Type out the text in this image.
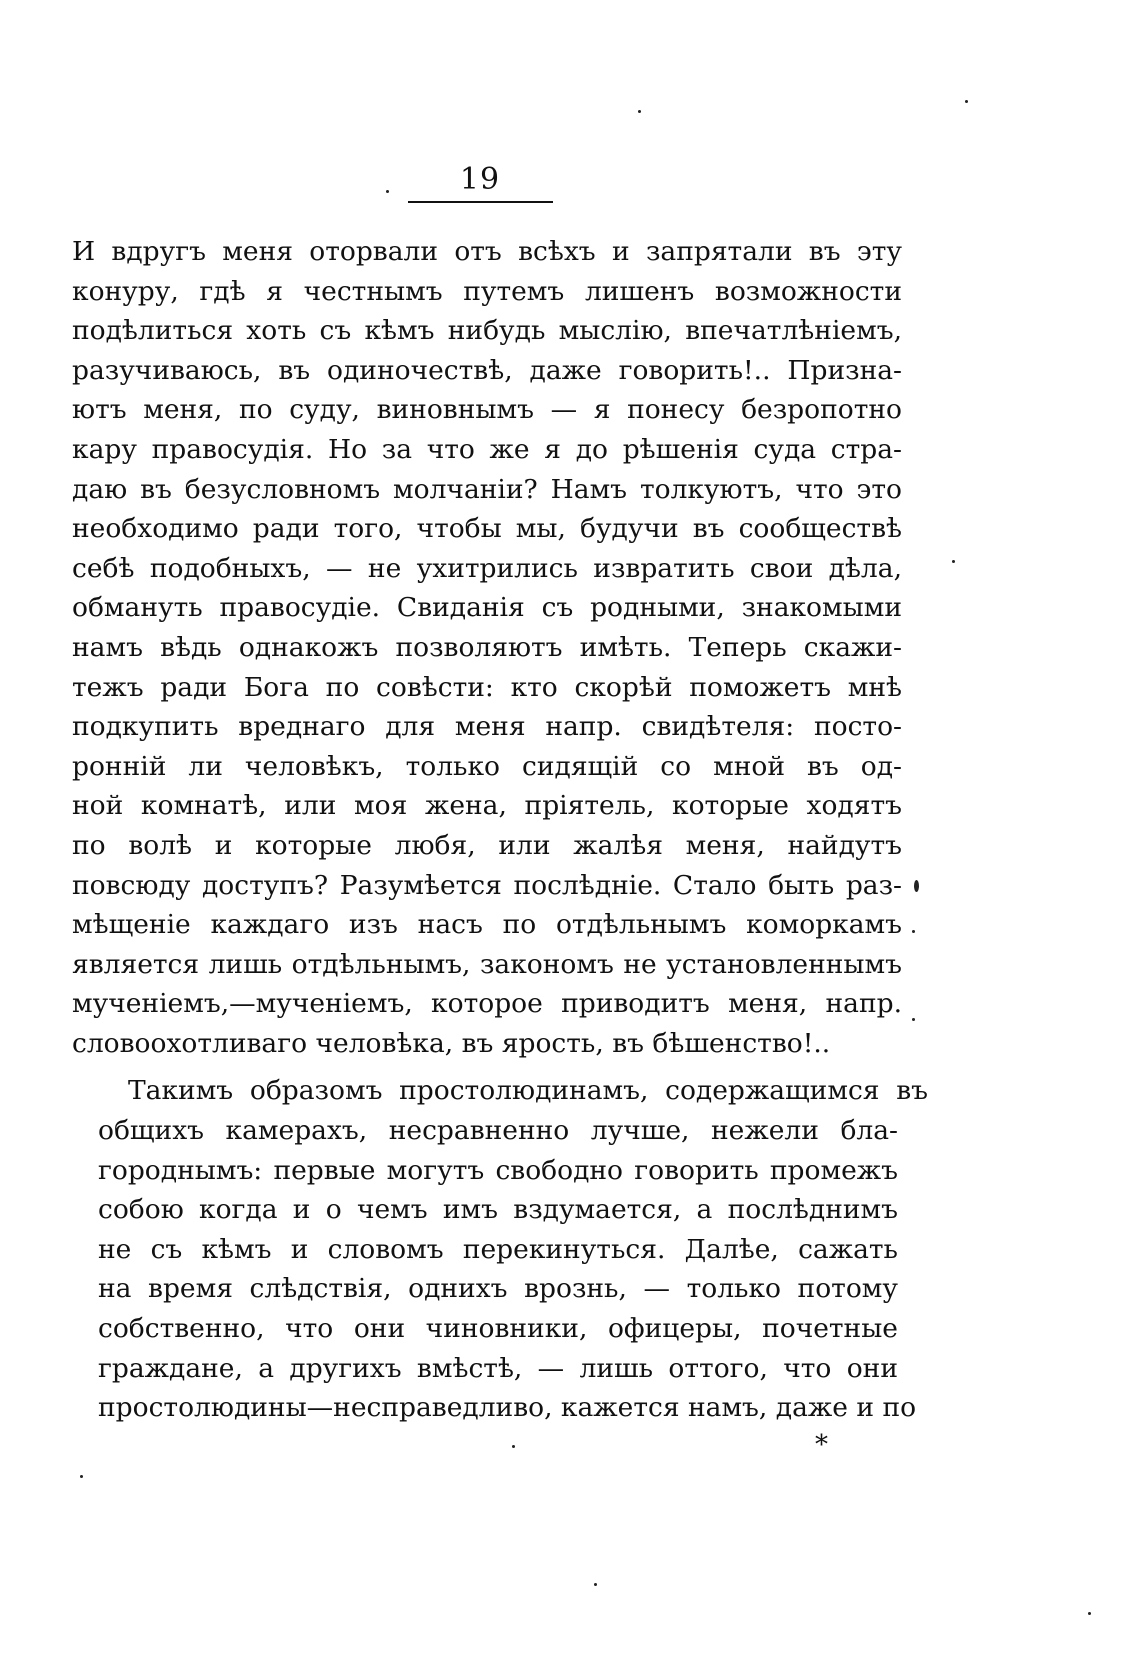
19
И вдругъ меня оторвали отъ всѣхъ и запрятали въ эту
конуру, гдѣ я честнымъ путемъ лишенъ возможности
подѣлиться хоть съ кѣмъ нибудь мыслію, впечатлѣніемъ,
разучиваюсь, въ одиночествѣ, даже говорить!.. Призна-
ютъ меня, по суду, виновнымъ — я понесу безропотно
кару правосудія. Но за что же я до рѣшенія суда стра-
даю въ безусловномъ молчаніи? Намъ толкуютъ, что это
необходимо ради того, чтобы мы, будучи въ сообществѣ
себѣ подобныхъ, — не ухитрились извратить свои дѣла,
обмануть правосудіе. Свиданія съ родными, знакомыми
намъ вѣдь однакожъ позволяютъ имѣть. Теперь скажи-
тежъ ради Бога по совѣсти: кто скорѣй поможетъ мнѣ
подкупить вреднаго для меня напр. свидѣтеля: посто-
ронній ли человѣкъ, только сидящій со мной въ од-
ной комнатѣ, или моя жена, пріятель, которые ходятъ
по волѣ и которые любя, или жалѣя меня, найдутъ
повсюду доступъ? Разумѣется послѣдніе. Стало быть раз-
мѣщеніе каждаго изъ насъ по отдѣльнымъ коморкамъ
является лишь отдѣльнымъ, закономъ не установленнымъ
мученіемъ,—мученіемъ, которое приводитъ меня, напр.
словоохотливаго человѣка, въ ярость, въ бѣшенство!..
Такимъ образомъ простолюдинамъ, содержащимся въ
общихъ камерахъ, несравненно лучше, нежели бла-
городнымъ: первые могутъ свободно говорить промежъ
собою когда и о чемъ имъ вздумается, а послѣднимъ
не съ кѣмъ и словомъ перекинуться. Далѣе, сажать
на время слѣдствія, однихъ врознь, — только потому
собственно, что они чиновники, офицеры, почетные
граждане, а другихъ вмѣстѣ, — лишь оттого, что они
простолюдины—несправедливо, кажется намъ, даже и по
*
